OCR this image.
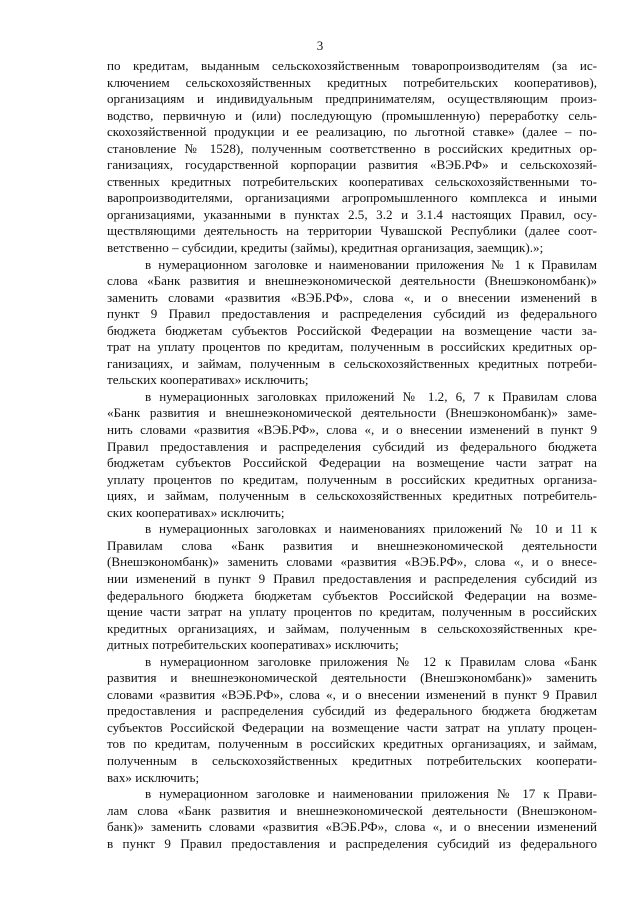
3
по кредитам, выданным сельскохозяйственным товаропроизводителям (за ис-
ключением сельскохозяйственных кредитных потребительских кооперативов),
организациям и индивидуальным предпринимателям, осуществляющим произ-
водство, первичную и (или) последующую (промышленную) переработку сель-
скохозяйственной продукции и ее реализацию, по льготной ставке» (далее – по-
становление № 1528), полученным соответственно в российских кредитных ор-
ганизациях, государственной корпорации развития «ВЭБ.РФ» и сельскохозяй-
ственных кредитных потребительских кооперативах сельскохозяйственными то-
варопроизводителями, организациями агропромышленного комплекса и иными
организациями, указанными в пунктах 2.5, 3.2 и 3.1.4 настоящих Правил, осу-
ществляющими деятельность на территории Чувашской Республики (далее соот-
ветственно – субсидии, кредиты (займы), кредитная организация, заемщик).»;
в нумерационном заголовке и наименовании приложения № 1 к Правилам
слова «Банк развития и внешнеэкономической деятельности (Внешэкономбанк)»
заменить словами «развития «ВЭБ.РФ», слова «, и о внесении изменений в
пункт 9 Правил предоставления и распределения субсидий из федерального
бюджета бюджетам субъектов Российской Федерации на возмещение части за-
трат на уплату процентов по кредитам, полученным в российских кредитных ор-
ганизациях, и займам, полученным в сельскохозяйственных кредитных потреби-
тельских кооперативах» исключить;
в нумерационных заголовках приложений № 1.2, 6, 7 к Правилам слова
«Банк развития и внешнеэкономической деятельности (Внешэкономбанк)» заме-
нить словами «развития «ВЭБ.РФ», слова «, и о внесении изменений в пункт 9
Правил предоставления и распределения субсидий из федерального бюджета
бюджетам субъектов Российской Федерации на возмещение части затрат на
уплату процентов по кредитам, полученным в российских кредитных организа-
циях, и займам, полученным в сельскохозяйственных кредитных потребитель-
ских кооперативах» исключить;
в нумерационных заголовках и наименованиях приложений № 10 и 11 к
Правилам слова «Банк развития и внешнеэкономической деятельности
(Внешэкономбанк)» заменить словами «развития «ВЭБ.РФ», слова «, и о внесе-
нии изменений в пункт 9 Правил предоставления и распределения субсидий из
федерального бюджета бюджетам субъектов Российской Федерации на возме-
щение части затрат на уплату процентов по кредитам, полученным в российских
кредитных организациях, и займам, полученным в сельскохозяйственных кре-
дитных потребительских кооперативах» исключить;
в нумерационном заголовке приложения № 12 к Правилам слова «Банк
развития и внешнеэкономической деятельности (Внешэкономбанк)» заменить
словами «развития «ВЭБ.РФ», слова «, и о внесении изменений в пункт 9 Правил
предоставления и распределения субсидий из федерального бюджета бюджетам
субъектов Российской Федерации на возмещение части затрат на уплату процен-
тов по кредитам, полученным в российских кредитных организациях, и займам,
полученным в сельскохозяйственных кредитных потребительских кооперати-
вах» исключить;
в нумерационном заголовке и наименовании приложения № 17 к Прави-
лам слова «Банк развития и внешнеэкономической деятельности (Внешэконом-
банк)» заменить словами «развития «ВЭБ.РФ», слова «, и о внесении изменений
в пункт 9 Правил предоставления и распределения субсидий из федерального
